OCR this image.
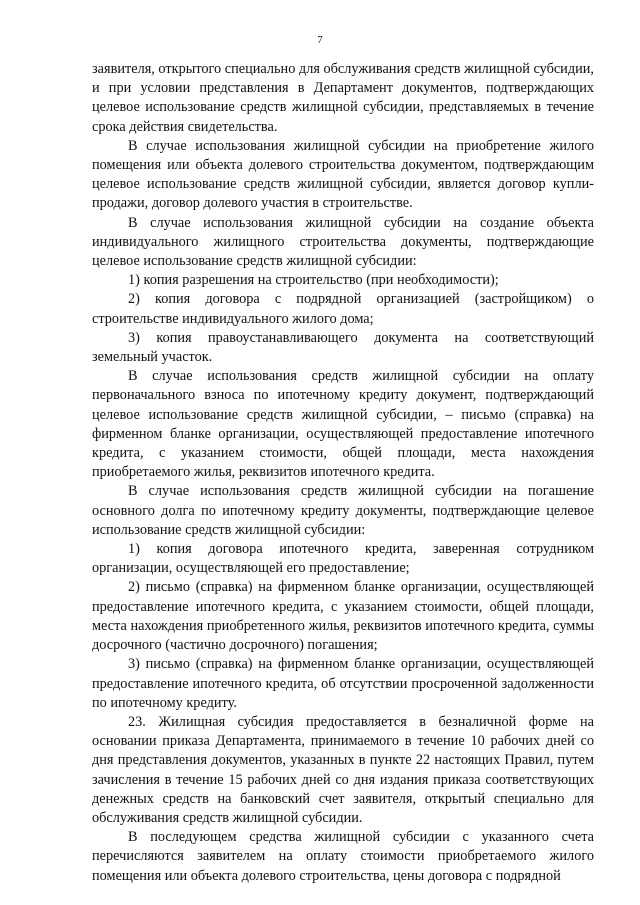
7

заявителя, открытого специально для обслуживания средств жилищной субсидии, и при условии представления в Департамент документов, подтверждающих целевое использование средств жилищной субсидии, представляемых в течение срока действия свидетельства.

В случае использования жилищной субсидии на приобретение жилого помещения или объекта долевого строительства документом, подтверждающим целевое использование средств жилищной субсидии, является договор купли-продажи, договор долевого участия в строительстве.

В случае использования жилищной субсидии на создание объекта индивидуального жилищного строительства документы, подтверждающие целевое использование средств жилищной субсидии:

1) копия разрешения на строительство (при необходимости);

2) копия договора с подрядной организацией (застройщиком) о строительстве индивидуального жилого дома;

3) копия правоустанавливающего документа на соответствующий земельный участок.

В случае использования средств жилищной субсидии на оплату первоначального взноса по ипотечному кредиту документ, подтверждающий целевое использование средств жилищной субсидии, – письмо (справка) на фирменном бланке организации, осуществляющей предоставление ипотечного кредита, с указанием стоимости, общей площади, места нахождения приобретаемого жилья, реквизитов ипотечного кредита.

В случае использования средств жилищной субсидии на погашение основного долга по ипотечному кредиту документы, подтверждающие целевое использование средств жилищной субсидии:

1) копия договора ипотечного кредита, заверенная сотрудником организации, осуществляющей его предоставление;

2) письмо (справка) на фирменном бланке организации, осуществляющей предоставление ипотечного кредита, с указанием стоимости, общей площади, места нахождения приобретенного жилья, реквизитов ипотечного кредита, суммы досрочного (частично досрочного) погашения;

3) письмо (справка) на фирменном бланке организации, осуществляющей предоставление ипотечного кредита, об отсутствии просроченной задолженности по ипотечному кредиту.

23. Жилищная субсидия предоставляется в безналичной форме на основании приказа Департамента, принимаемого в течение 10 рабочих дней со дня представления документов, указанных в пункте 22 настоящих Правил, путем зачисления в течение 15 рабочих дней со дня издания приказа соответствующих денежных средств на банковский счет заявителя, открытый специально для обслуживания средств жилищной субсидии.

В последующем средства жилищной субсидии с указанного счета перечисляются заявителем на оплату стоимости приобретаемого жилого помещения или объекта долевого строительства, цены договора с подрядной
